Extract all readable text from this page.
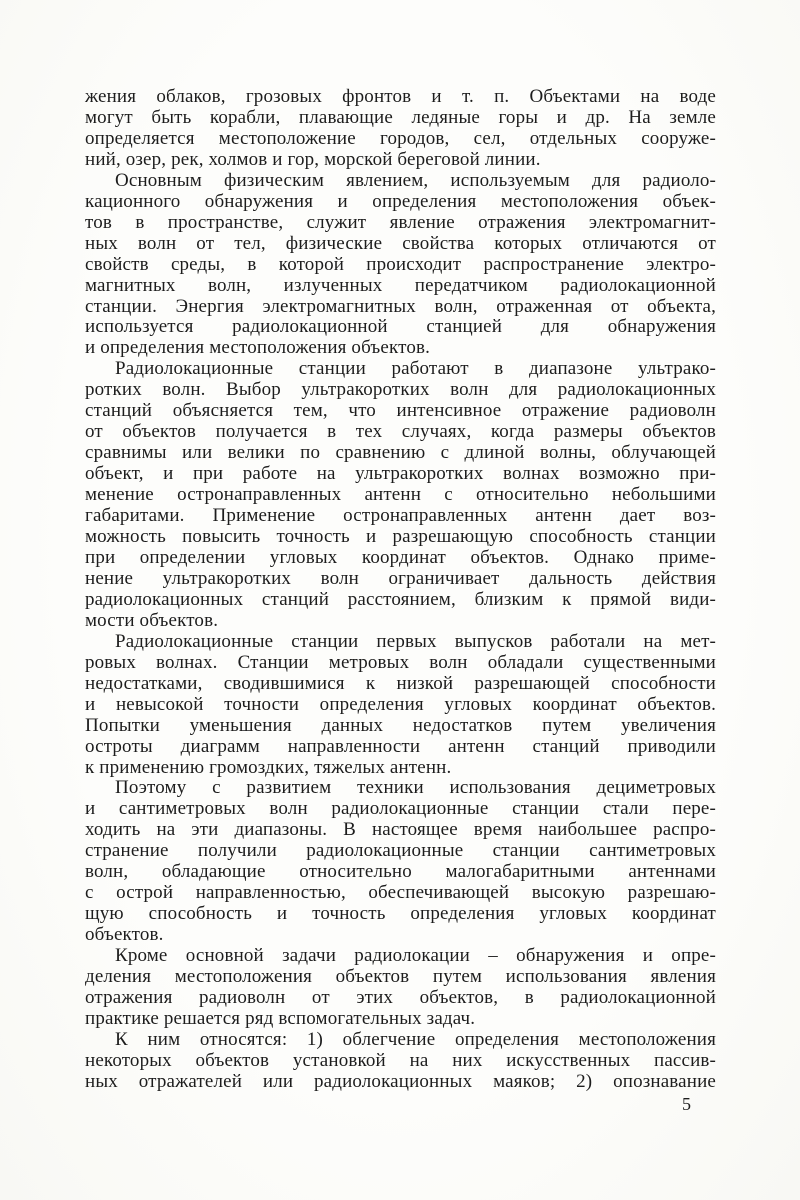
жения облаков, грозовых фронтов и т. п. Объектами на воде
могут быть корабли, плавающие ледяные горы и др. На земле
определяется местоположение городов, сел, отдельных сооруже-
ний, озер, рек, холмов и гор, морской береговой линии.
Основным физическим явлением, используемым для радиоло-
кационного обнаружения и определения местоположения объек-
тов в пространстве, служит явление отражения электромагнит-
ных волн от тел, физические свойства которых отличаются от
свойств среды, в которой происходит распространение электро-
магнитных волн, излученных передатчиком радиолокационной
станции. Энергия электромагнитных волн, отраженная от объекта,
используется радиолокационной станцией для обнаружения
и определения местоположения объектов.
Радиолокационные станции работают в диапазоне ультрако-
ротких волн. Выбор ультракоротких волн для радиолокационных
станций объясняется тем, что интенсивное отражение радиоволн
от объектов получается в тех случаях, когда размеры объектов
сравнимы или велики по сравнению с длиной волны, облучающей
объект, и при работе на ультракоротких волнах возможно при-
менение остронаправленных антенн с относительно небольшими
габаритами. Применение остронаправленных антенн дает воз-
можность повысить точность и разрешающую способность станции
при определении угловых координат объектов. Однако приме-
нение ультракоротких волн ограничивает дальность действия
радиолокационных станций расстоянием, близким к прямой види-
мости объектов.
Радиолокационные станции первых выпусков работали на мет-
ровых волнах. Станции метровых волн обладали существенными
недостатками, сводившимися к низкой разрешающей способности
и невысокой точности определения угловых координат объектов.
Попытки уменьшения данных недостатков путем увеличения
остроты диаграмм направленности антенн станций приводили
к применению громоздких, тяжелых антенн.
Поэтому с развитием техники использования дециметровых
и сантиметровых волн радиолокационные станции стали пере-
ходить на эти диапазоны. В настоящее время наибольшее распро-
странение получили радиолокационные станции сантиметровых
волн, обладающие относительно малогабаритными антеннами
с острой направленностью, обеспечивающей высокую разрешаю-
щую способность и точность определения угловых координат
объектов.
Кроме основной задачи радиолокации – обнаружения и опре-
деления местоположения объектов путем использования явления
отражения радиоволн от этих объектов, в радиолокационной
практике решается ряд вспомогательных задач.
К ним относятся: 1) облегчение определения местоположения
некоторых объектов установкой на них искусственных пассив-
ных отражателей или радиолокационных маяков; 2) опознавание
5
